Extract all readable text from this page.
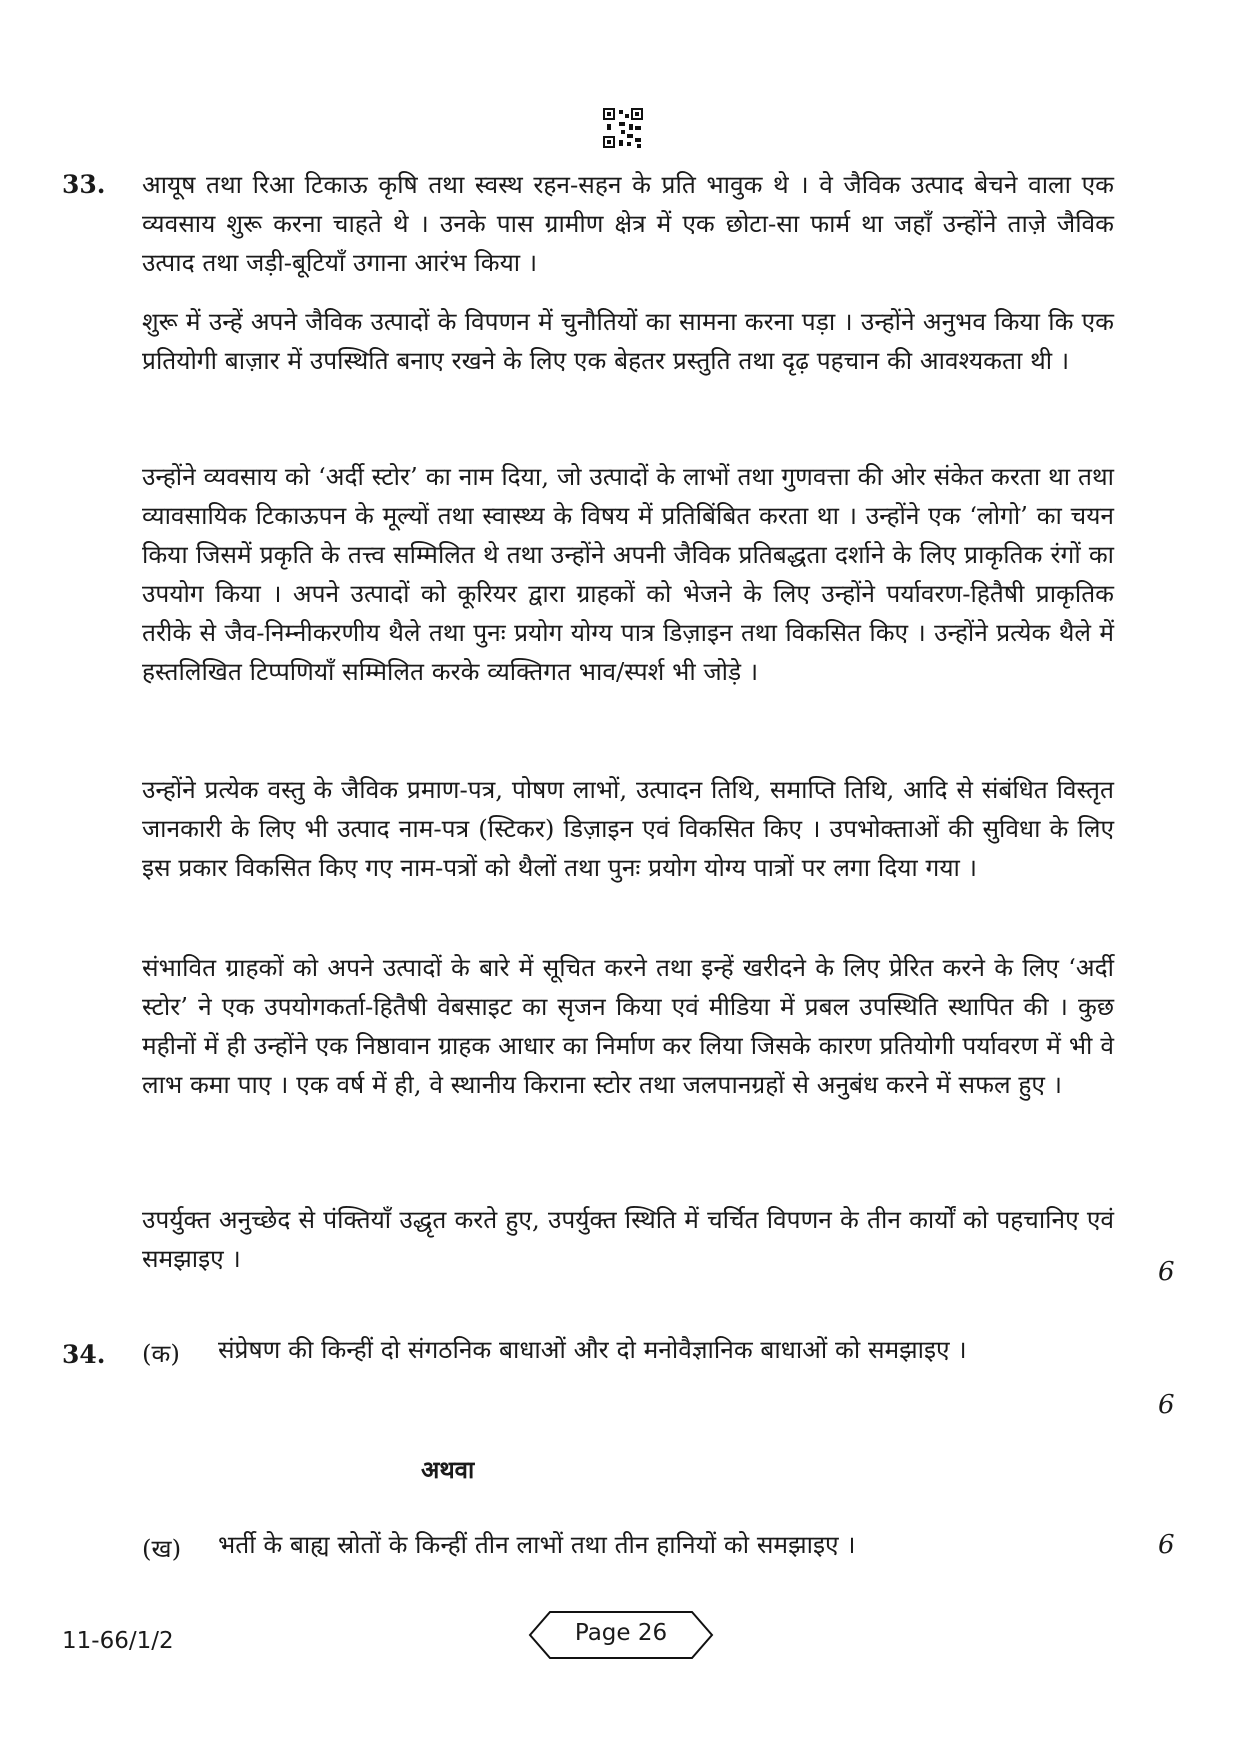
33. आयूष तथा रिआ टिकाऊ कृषि तथा स्वस्थ रहन-सहन के प्रति भावुक थे । वे जैविक उत्पाद बेचने वाला एक व्यवसाय शुरू करना चाहते थे । उनके पास ग्रामीण क्षेत्र में एक छोटा-सा फार्म था जहाँ उन्होंने ताज़े जैविक उत्पाद तथा जड़ी-बूटियाँ उगाना आरंभ किया ।

शुरू में उन्हें अपने जैविक उत्पादों के विपणन में चुनौतियों का सामना करना पड़ा । उन्होंने अनुभव किया कि एक प्रतियोगी बाज़ार में उपस्थिति बनाए रखने के लिए एक बेहतर प्रस्तुति तथा दृढ़ पहचान की आवश्यकता थी ।

उन्होंने व्यवसाय को ‘अर्दी स्टोर’ का नाम दिया, जो उत्पादों के लाभों तथा गुणवत्ता की ओर संकेत करता था तथा व्यावसायिक टिकाऊपन के मूल्यों तथा स्वास्थ्य के विषय में प्रतिबिंबित करता था । उन्होंने एक ‘लोगो’ का चयन किया जिसमें प्रकृति के तत्त्व सम्मिलित थे तथा उन्होंने अपनी जैविक प्रतिबद्धता दर्शाने के लिए प्राकृतिक रंगों का उपयोग किया । अपने उत्पादों को कूरियर द्वारा ग्राहकों को भेजने के लिए उन्होंने पर्यावरण-हितैषी प्राकृतिक तरीके से जैव-निम्नीकरणीय थैले तथा पुनः प्रयोग योग्य पात्र डिज़ाइन तथा विकसित किए । उन्होंने प्रत्येक थैले में हस्तलिखित टिप्पणियाँ सम्मिलित करके व्यक्तिगत भाव/स्पर्श भी जोड़े ।

उन्होंने प्रत्येक वस्तु के जैविक प्रमाण-पत्र, पोषण लाभों, उत्पादन तिथि, समाप्ति तिथि, आदि से संबंधित विस्तृत जानकारी के लिए भी उत्पाद नाम-पत्र (स्टिकर) डिज़ाइन एवं विकसित किए । उपभोक्ताओं की सुविधा के लिए इस प्रकार विकसित किए गए नाम-पत्रों को थैलों तथा पुनः प्रयोग योग्य पात्रों पर लगा दिया गया ।

संभावित ग्राहकों को अपने उत्पादों के बारे में सूचित करने तथा इन्हें खरीदने के लिए प्रेरित करने के लिए ‘अर्दी स्टोर’ ने एक उपयोगकर्ता-हितैषी वेबसाइट का सृजन किया एवं मीडिया में प्रबल उपस्थिति स्थापित की । कुछ महीनों में ही उन्होंने एक निष्ठावान ग्राहक आधार का निर्माण कर लिया जिसके कारण प्रतियोगी पर्यावरण में भी वे लाभ कमा पाए । एक वर्ष में ही, वे स्थानीय किराना स्टोर तथा जलपानग्रहों से अनुबंध करने में सफल हुए ।

उपर्युक्त अनुच्छेद से पंक्तियाँ उद्धृत करते हुए, उपर्युक्त स्थिति में चर्चित विपणन के तीन कार्यों को पहचानिए एवं समझाइए ।	6
34. (क) संप्रेषण की किन्हीं दो संगठनिक बाधाओं और दो मनोवैज्ञानिक बाधाओं को समझाइए ।

6
अथवा
(ख) भर्ती के बाह्य स्रोतों के किन्हीं तीन लाभों तथा तीन हानियों को समझाइए ।	6
11-66/1/2	Page 26
